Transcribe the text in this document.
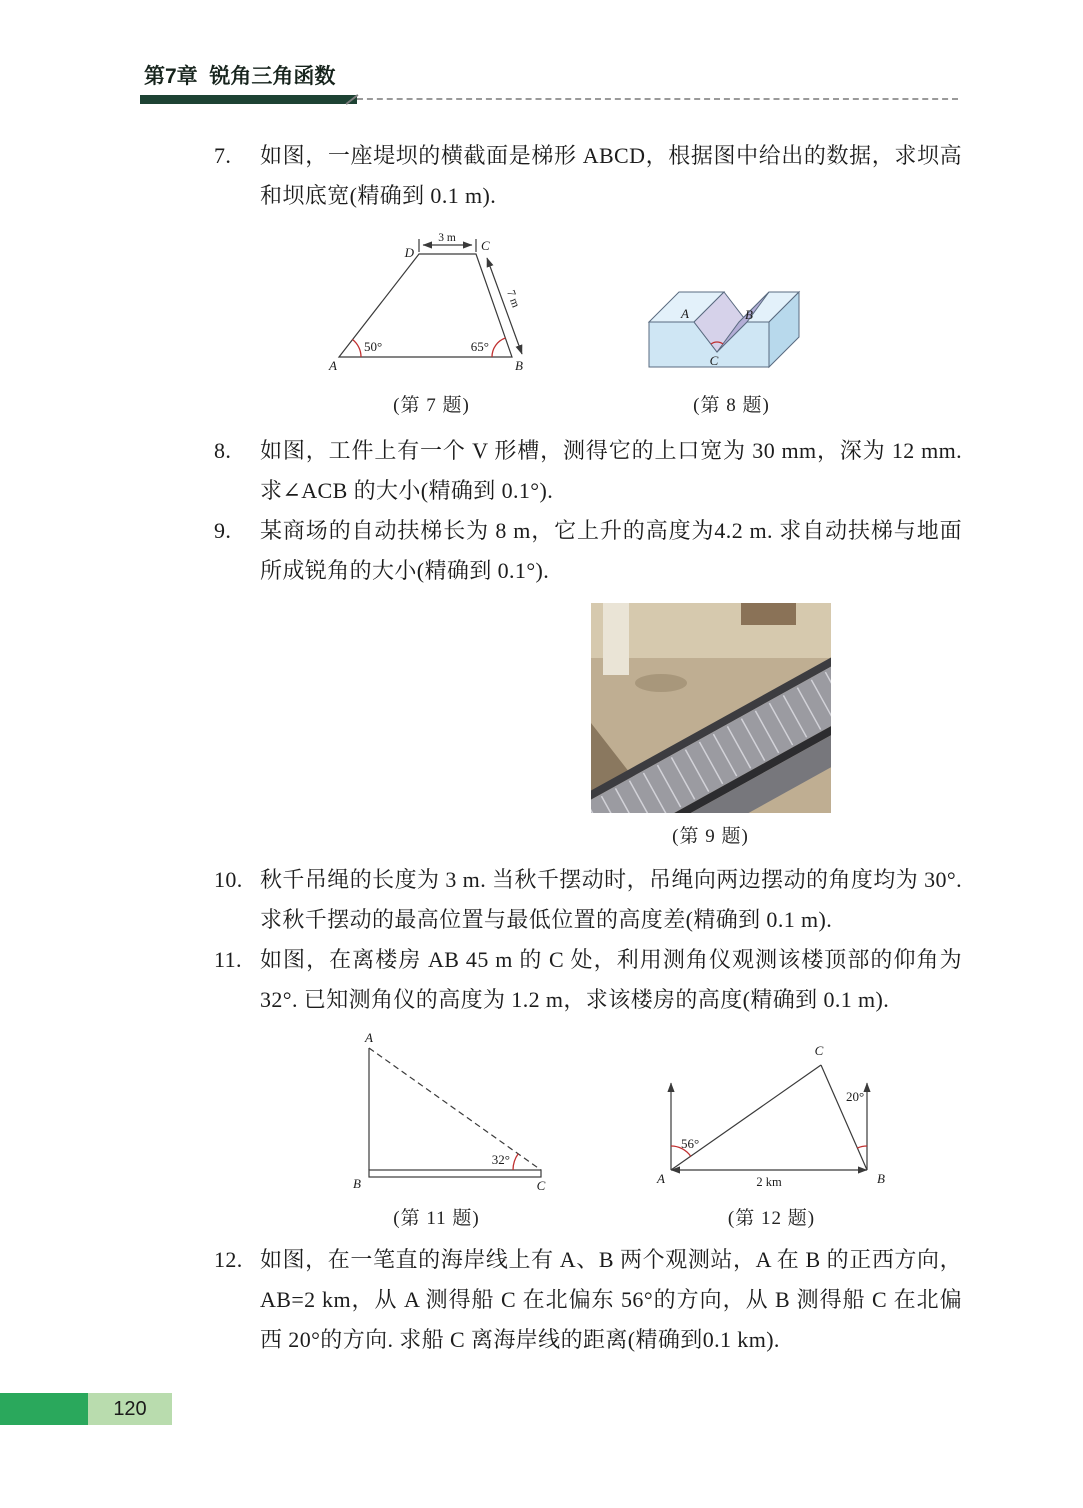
第7章  锐角三角函数
7.	如图，一座堤坝的横截面是梯形 ABCD，根据图中给出的数据，求坝高和坝底宽(精确到 0.1 m).

3 m
7 m
50°	65°
A	B
C
D
(第 7 题)
A	B
C
(第 8 题)
8.	如图，工件上有一个 V 形槽，测得它的上口宽为 30 mm，深为 12 mm. 求∠ACB 的大小(精确到 0.1°).

9.	某商场的自动扶梯长为 8 m，它上升的高度为4.2 m. 求自动扶梯与地面所成锐角的大小(精确到 0.1°).

(第 9 题)
10. 秋千吊绳的长度为 3 m. 当秋千摆动时，吊绳向两边摆动的角度均为 30°. 求秋千摆动的最高位置与最低位置的高度差(精确到 0.1 m).

11. 如图，在离楼房 AB 45 m 的 C 处，利用测角仪观测该楼顶部的仰角为 32°. 已知测角仪的高度为 1.2 m，求该楼房的高度(精确到 0.1 m).

32°
A
B	C
(第 11 题)
56°
20°
2 km
A	B
C
(第 12 题)
12. 如图，在一笔直的海岸线上有 A、B 两个观测站，A 在 B 的正西方向，AB=2 km，从 A 测得船 C 在北偏东 56°的方向，从 B 测得船 C 在北偏西 20°的方向. 求船 C 离海岸线的距离(精确到0.1 km).

120
